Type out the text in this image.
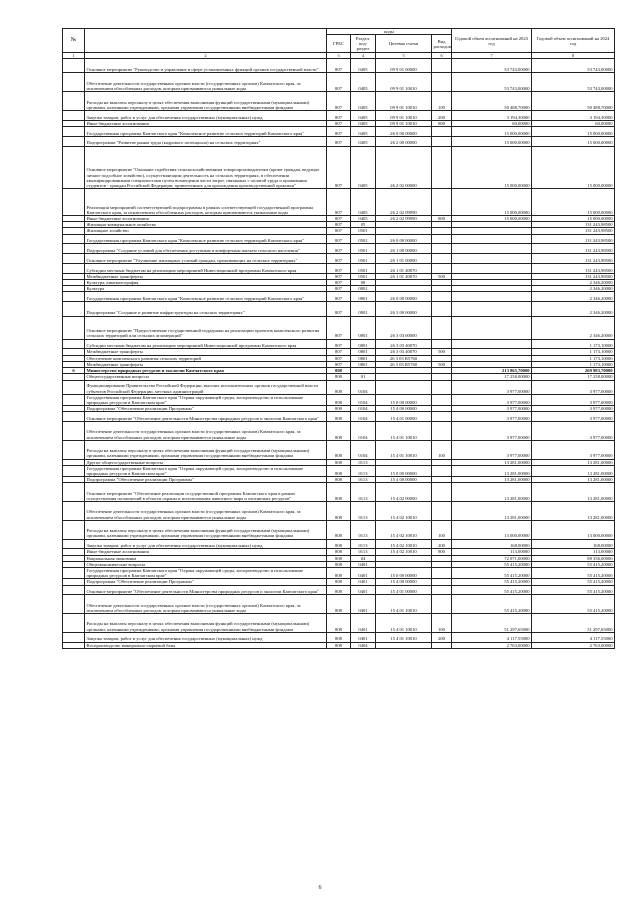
№		коды				Годовой объем ассигнований на 2023 год	Годовой объем ассигнований на 2024 год
		ГРБС	Раздел, под-раздел	Целевая статья	Вид расходов		
1	2	3	4	5	6	7	8
	Основное мероприятие "Руководство и управление в сфере установленных функций органов государственной власти"	807	0405	09 9 01 00000		53 743,00000	53 743,00000
	Обеспечение деятельности государственных органов власти (государственных органов) Камчатского края, за исключением обособленных расходов, которым присваиваются уникальные коды	807	0405	09 9 01 10010		53 743,00000	53 743,00000
	Расходы на выплаты персоналу в целях обеспечения выполнения функций государственными (муниципальными) органами, казенными учреждениями, органами управления государственными внебюджетными фондами	807	0405	09 9 01 10010	100	50 488,70000	50 488,70000
	Закупка товаров, работ и услуг для обеспечения государственных (муниципальных) нужд	807	0405	09 9 01 10010	200	3 194,30000	3 194,30000
	Иные бюджетные ассигнования	807	0405	09 9 01 10010	800	60,00000	60,00000
	Государственная программа Камчатского края "Комплексное развитие сельских территорий Камчатского края"	807	0405	26 0 00 00000		15 000,00000	15 000,00000
	Подпрограмма "Развитие рынка труда (кадрового потенциала) на сельских территориях"	807	0405	26 2 00 00000		15 000,00000	15 000,00000
	Основное мероприятие "Оказание содействия сельскохозяйственным товаропроизводителям (кроме граждан, ведущих личное подсобное хозяйство), осуществляющим деятельность на сельских территориях, в обеспечении квалифицированными специалистами путем возмещения части затрат, связанных с оплатой труда и проживания студентов - граждан Российской Федерации, привлеченных для прохождения производственной практики"	807	0405	26 2 02 00000		15 000,00000	15 000,00000
	Реализация мероприятий соответствующей подпрограммы в рамках соответствующей государственной программы Камчатского края, за исключением обособленных расходов, которым присваиваются уникальные коды	807	0405	26 2 02 09990		15 000,00000	15 000,00000
	Иные бюджетные ассигнования	807	0405	26 2 02 09990	800	15 000,00000	15 000,00000
	Жилищно-коммунальное хозяйство	807	05				131 243,98500
	Жилищное хозяйство	807	0501				131 243,98500
	Государственная программа Камчатского края "Комплексное развитие сельских территорий Камчатского края"	807	0501	26 0 00 00000			131 243,98500
	Подпрограмма "Создание условий для обеспечения доступным и комфортным жильем сельского населения"	807	0501	26 1 00 00000			131 243,98500
	Основное мероприятие "Улучшение жилищных условий граждан, проживающих на сельских территориях"	807	0501	26 1 01 00000			131 243,98500
	Субсидии местным бюджетам на реализацию мероприятий Инвестиционной программы Камчатского края	807	0501	26 1 01 40070			131 243,98500
	Межбюджетные трансферты	807	0501	26 1 01 40070	500		131 243,98500
	Культура, кинематография	807	08				2 346,20000
	Культура	807	0801				2 346,20000
	Государственная программа Камчатского края "Комплексное развитие сельских территорий Камчатского края"	807	0801	26 0 00 00000			2 346,20000
	Подпрограмма "Создание и развитие инфраструктуры на сельских территориях"	807	0801	26 3 00 00000			2 346,20000
	Основное мероприятие "Предоставление государственной поддержки на реализацию проектов комплексного развития сельских территорий или сельских агломераций"	807	0801	26 3 03 00000			2 346,20000
	Субсидии местным бюджетам на реализацию мероприятий Инвестиционной программы Камчатского края	807	0801	26 3 03 40070			1 173,10000
	Межбюджетные трансферты	807	0801	26 3 03 40070	500		1 173,10000
	Обеспечение комплексного развития сельских территорий	807	0801	26 3 03 R5760			1 173,10000
	Межбюджетные трансферты	807	0801	26 3 03 R5760	500		1 173,10000
6	Министерство природных ресурсов и экологии Камчатского края	808				213 865,70000	269 983,70000
	Общегосударственные вопросы	808	01			17 258,00000	17 258,00000
	Функционирование Правительства Российской Федерации, высших исполнительных органов государственной власти субъектов Российской Федерации, местных администраций	808	0104			3 977,00000	3 977,00000
	Государственная программа Камчатского края "Охрана окружающей среды, воспроизводство и использование природных ресурсов в Камчатском крае"	808	0104	15 0 00 00000		3 977,00000	3 977,00000
	Подпрограмма "Обеспечение реализации Программы"	808	0104	15 4 00 00000		3 977,00000	3 977,00000
	Основное мероприятие "Обеспечение деятельности Министерства природных ресурсов и экологии Камчатского края"	808	0104	15 4 01 00000		3 977,00000	3 977,00000
	Обеспечение деятельности государственных органов власти (государственных органов) Камчатского края, за исключением обособленных расходов, которым присваиваются уникальные коды	808	0104	15 4 01 10010		3 977,00000	3 977,00000
	Расходы на выплаты персоналу в целях обеспечения выполнения функций государственными (муниципальными) органами, казенными учреждениями, органами управления государственными внебюджетными фондами	808	0104	15 4 01 10010	100	3 977,00000	3 977,00000
	Другие общегосударственные вопросы	808	0113			13 281,00000	13 281,00000
	Государственная программа Камчатского края "Охрана окружающей среды, воспроизводство и использование природных ресурсов в Камчатском крае"	808	0113	15 0 00 00000		13 281,00000	13 281,00000
	Подпрограмма "Обеспечение реализации Программы"	808	0113	15 4 00 00000		13 281,00000	13 281,00000
	Основное мероприятие "Обеспечение реализации государственной программы Камчатского края в рамках осуществления полномочий в области охраны и использования животного мира и охотничьих ресурсов"	808	0113	15 4 02 00000		13 281,00000	13 281,00000
	Обеспечение деятельности государственных органов власти (государственных органов) Камчатского края, за исключением обособленных расходов, которым присваиваются уникальные коды	808	0113	15 4 02 10010		13 281,00000	13 281,00000
	Расходы на выплаты персоналу в целях обеспечения выполнения функций государственными (муниципальными) органами, казенными учреждениями, органами управления государственными внебюджетными фондами	808	0113	15 4 02 10010	100	13 000,00000	13 000,00000
	Закупка товаров, работ и услуг для обеспечения государственных (муниципальных) нужд	808	0113	15 4 02 10010	200	168,00000	168,00000
	Иные бюджетные ассигнования	808	0113	15 4 02 10010	800	113,00000	113,00000
	Национальная экономика	808	04			72 071,00000	88 356,00000
	Общеэкономические вопросы	808	0401			55 415,20000	55 415,20000
	Государственная программа Камчатского края "Охрана окружающей среды, воспроизводство и использование природных ресурсов в Камчатском крае"	808	0401	15 0 00 00000		55 415,20000	55 415,20000
	Подпрограмма "Обеспечение реализации Программы"	808	0401	15 4 00 00000		55 415,20000	55 415,20000
	Основное мероприятие "Обеспечение деятельности Министерства природных ресурсов и экологии Камчатского края"	808	0401	15 4 01 00000		55 415,20000	55 415,20000
	Обеспечение деятельности государственных органов власти (государственных органов) Камчатского края, за исключением обособленных расходов, которым присваиваются уникальные коды	808	0401	15 4 01 10010		55 415,20000	55 415,20000
	Расходы на выплаты персоналу в целях обеспечения выполнения функций государственными (муниципальными) органами, казенными учреждениями, органами управления государственными внебюджетными фондами	808	0401	15 4 01 10010	100	51 297,65000	51 297,65000
	Закупка товаров, работ и услуг для обеспечения государственных (муниципальных) нужд	808	0401	15 4 01 10010	200	4 117,55000	4 117,55000
	Воспроизводство минерально-сырьевой базы	808	0404			2 763,00000	2 763,00000
6
